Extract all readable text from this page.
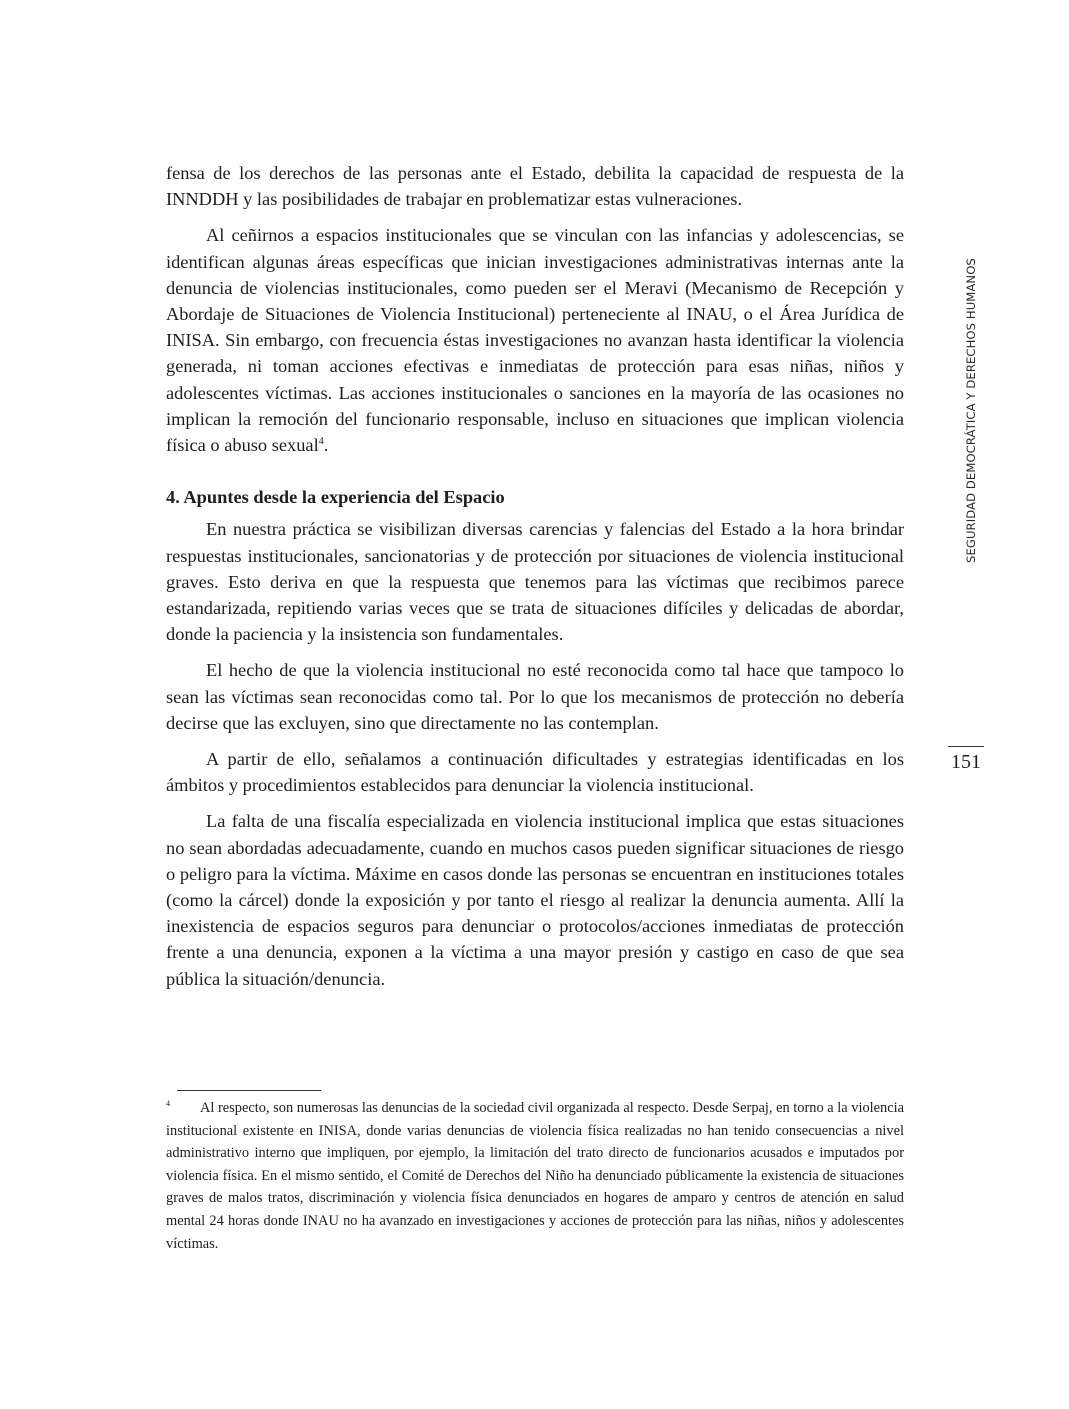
fensa de los derechos de las personas ante el Estado, debilita la capacidad de respuesta de la INNDDH y las posibilidades de trabajar en problematizar estas vulneraciones.

Al ceñirnos a espacios institucionales que se vinculan con las infancias y adolescencias, se identifican algunas áreas específicas que inician investigaciones administrativas internas ante la denuncia de violencias institucionales, como pueden ser el Meravi (Mecanismo de Recepción y Abordaje de Situaciones de Violencia Institucional) perteneciente al INAU, o el Área Jurídica de INISA. Sin embargo, con frecuencia éstas investigaciones no avanzan hasta identificar la violencia generada, ni toman acciones efectivas e inmediatas de protección para esas niñas, niños y adolescentes víctimas. Las acciones institucionales o sanciones en la mayoría de las ocasiones no implican la remoción del funcionario responsable, incluso en situaciones que implican violencia física o abuso sexual$^4$.

4. Apuntes desde la experiencia del Espacio

En nuestra práctica se visibilizan diversas carencias y falencias del Estado a la hora brindar respuestas institucionales, sancionatorias y de protección por situaciones de violencia institucional graves. Esto deriva en que la respuesta que tenemos para las víctimas que recibimos parece estandarizada, repitiendo varias veces que se trata de situaciones difíciles y delicadas de abordar, donde la paciencia y la insistencia son fundamentales.

El hecho de que la violencia institucional no esté reconocida como tal hace que tampoco lo sean las víctimas sean reconocidas como tal. Por lo que los mecanismos de protección no debería decirse que las excluyen, sino que directamente no las contemplan.

A partir de ello, señalamos a continuación dificultades y estrategias identificadas en los ámbitos y procedimientos establecidos para denunciar la violencia institucional.

La falta de una fiscalía especializada en violencia institucional implica que estas situaciones no sean abordadas adecuadamente, cuando en muchos casos pueden significar situaciones de riesgo o peligro para la víctima. Máxime en casos donde las personas se encuentran en instituciones totales (como la cárcel) donde la exposición y por tanto el riesgo al realizar la denuncia aumenta. Allí la inexistencia de espacios seguros para denunciar o protocolos/acciones inmediatas de protección frente a una denuncia, exponen a la víctima a una mayor presión y castigo en caso de que sea pública la situación/denuncia.

SEGURIDAD DEMOCRÁTICA Y DERECHOS HUMANOS
151
4 Al respecto, son numerosas las denuncias de la sociedad civil organizada al respecto. Desde Serpaj, en torno a la violencia institucional existente en INISA, donde varias denuncias de violencia física realizadas no han tenido consecuencias a nivel administrativo interno que impliquen, por ejemplo, la limitación del trato directo de funcionarios acusados e imputados por violencia física. En el mismo sentido, el Comité de Derechos del Niño ha denunciado públicamente la existencia de situaciones graves de malos tratos, discriminación y violencia física denunciados en hogares de amparo y centros de atención en salud mental 24 horas donde INAU no ha avanzado en investigaciones y acciones de protección para las niñas, niños y adolescentes víctimas.
